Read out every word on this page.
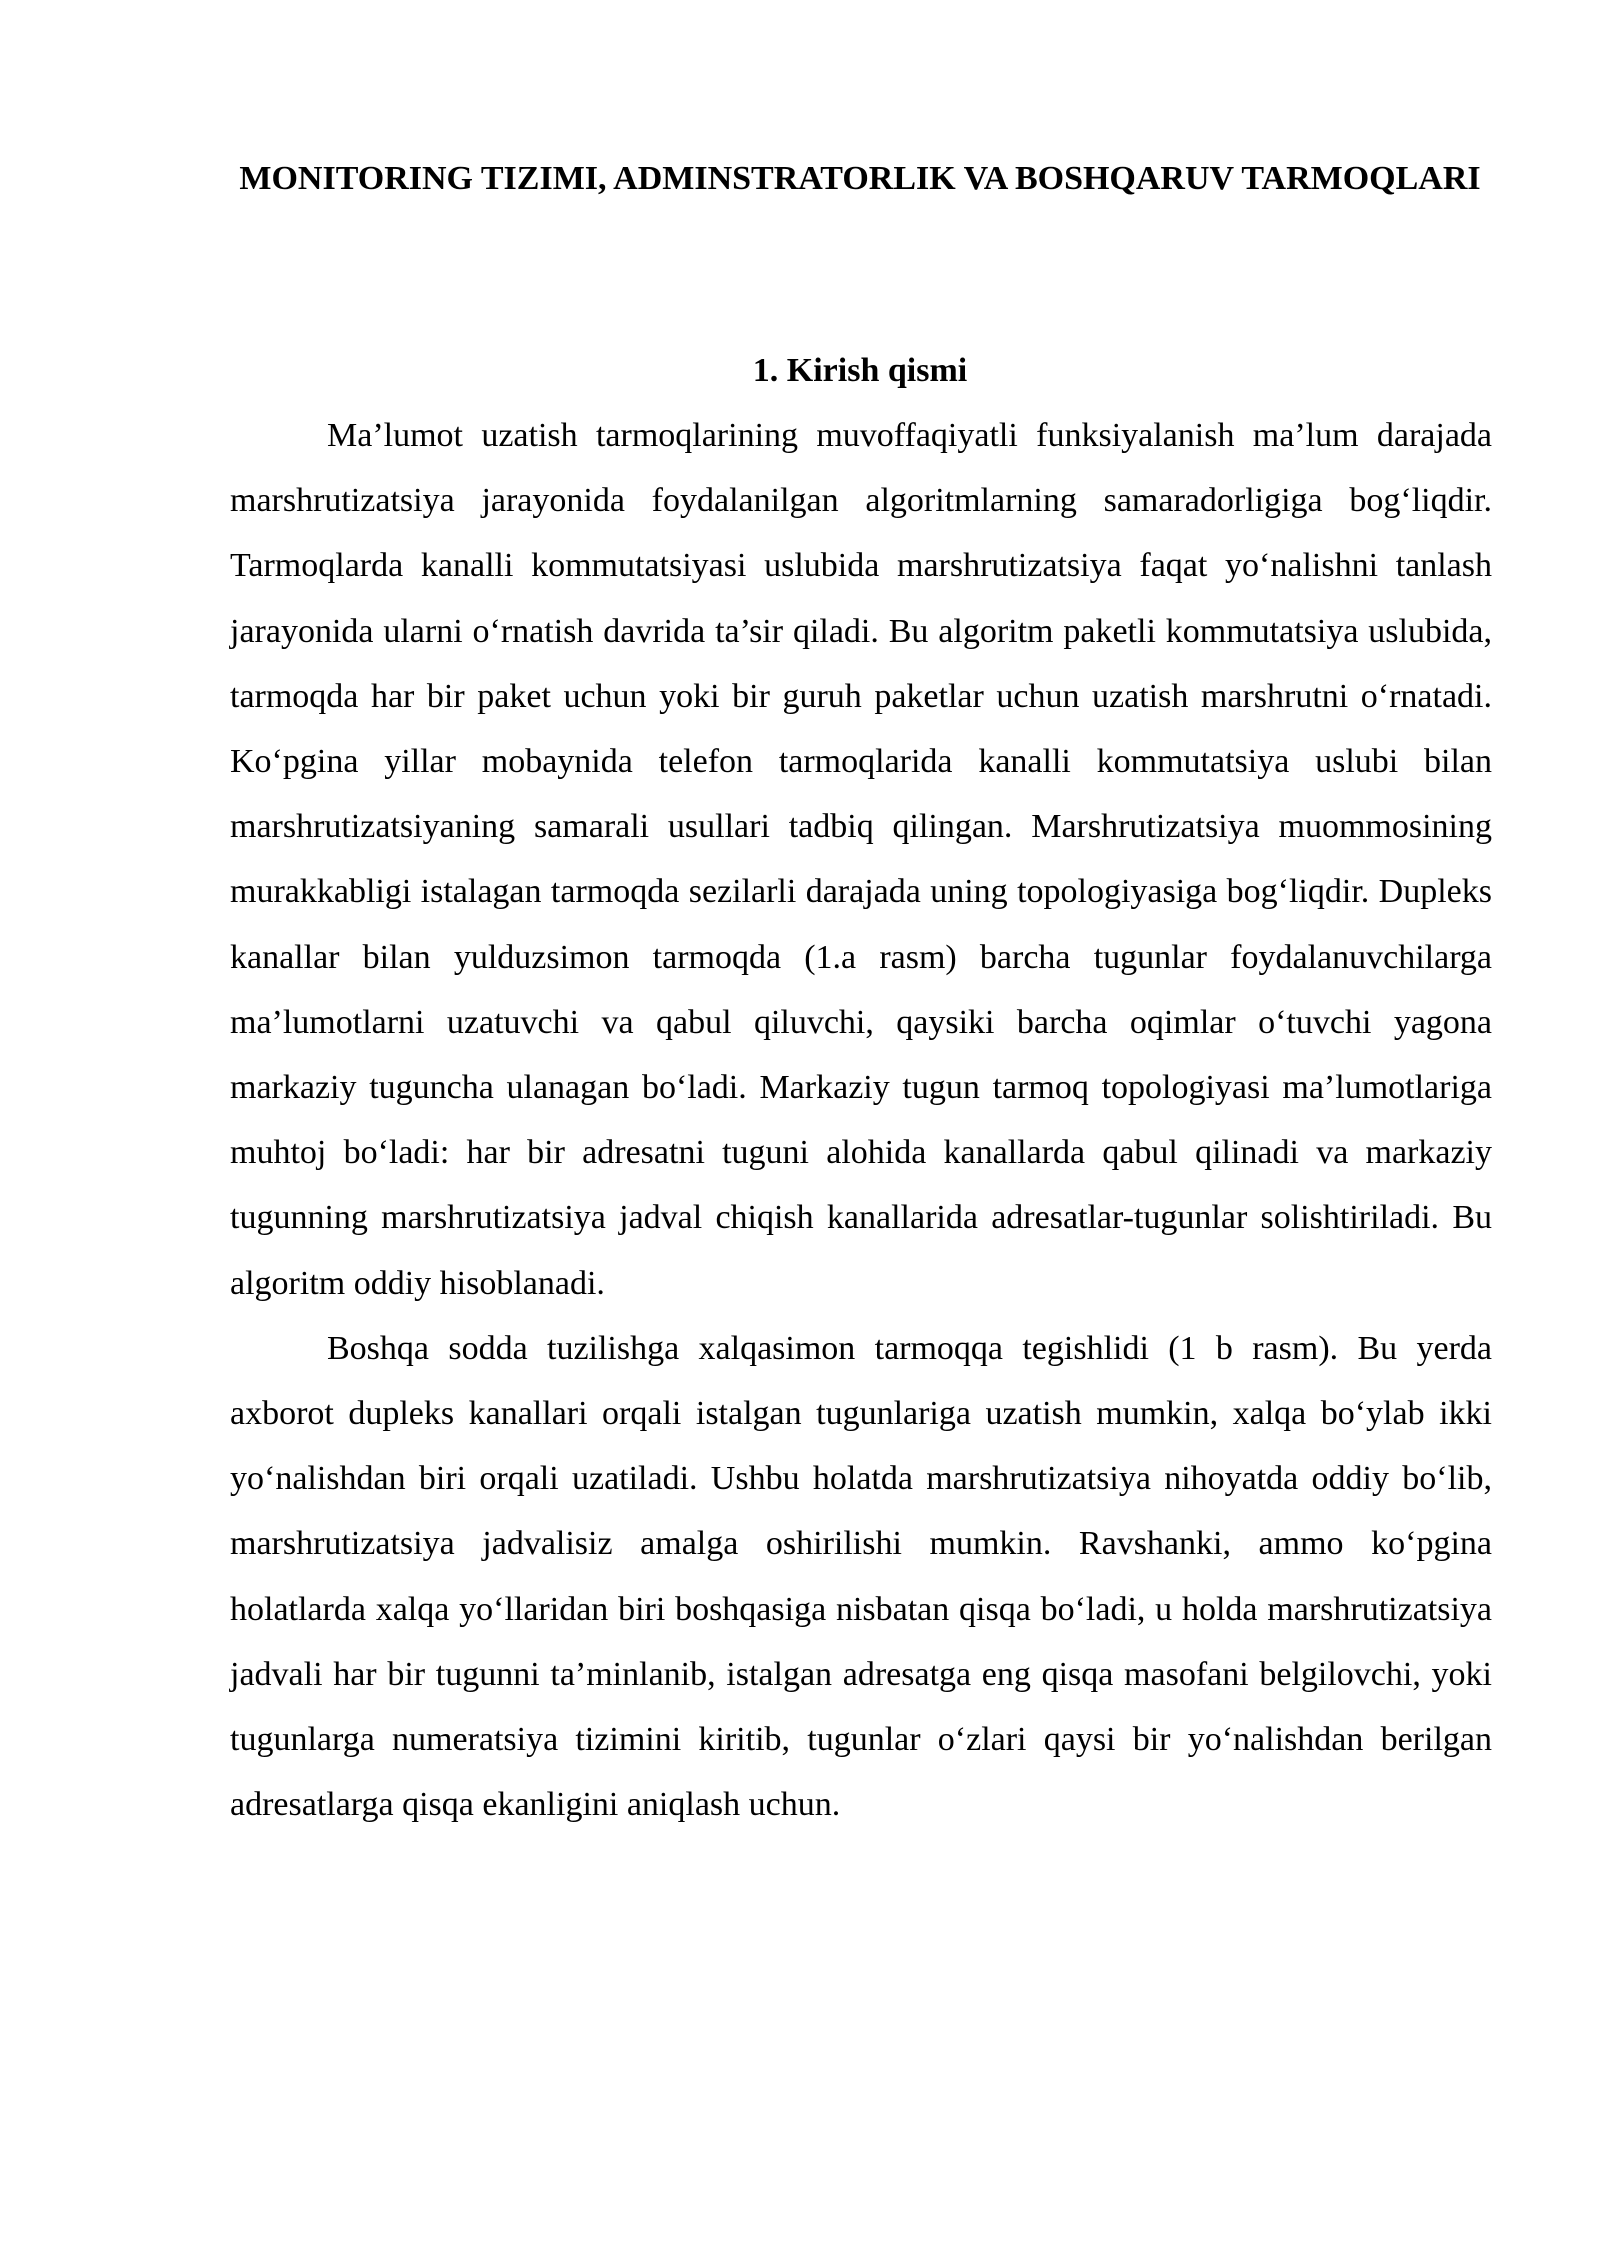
MONITORING TIZIMI, ADMINSTRATORLIK VA BOSHQARUV TARMOQLARI
1. Kirish qismi

Ma’lumot uzatish tarmoqlarining muvoffaqiyatli funksiyalanish ma’lum darajada marshrutizatsiya jarayonida foydalanilgan algoritmlarning samaradorligiga bog‘liqdir. Tarmoqlarda kanalli kommutatsiyasi uslubida marshrutizatsiya faqat yo‘nalishni tanlash jarayonida ularni o‘rnatish davrida ta’sir qiladi. Bu algoritm paketli kommutatsiya uslubida, tarmoqda har bir paket uchun yoki bir guruh paketlar uchun uzatish marshrutni o‘rnatadi. Ko‘pgina yillar mobaynida telefon tarmoqlarida kanalli kommutatsiya uslubi bilan marshrutizatsiyaning samarali usullari tadbiq qilingan. Marshrutizatsiya muommosining murakkabligi istalagan tarmoqda sezilarli darajada uning topologiyasiga bog‘liqdir. Dupleks kanallar bilan yulduzsimon tarmoqda (1.a rasm) barcha tugunlar foydalanuvchilarga ma’lumotlarni uzatuvchi va qabul qiluvchi, qaysiki barcha oqimlar o‘tuvchi yagona markaziy tuguncha ulanagan bo‘ladi. Markaziy tugun tarmoq topologiyasi ma’lumotlariga muhtoj bo‘ladi: har bir adresatni tuguni alohida kanallarda qabul qilinadi va markaziy tugunning marshrutizatsiya jadval chiqish kanallarida adresatlar-tugunlar solishtiriladi. Bu algoritm oddiy hisoblanadi.

Boshqa sodda tuzilishga xalqasimon tarmoqqa tegishlidi (1 b rasm). Bu yerda axborot dupleks kanallari orqali istalgan tugunlariga uzatish mumkin, xalqa bo‘ylab ikki yo‘nalishdan biri orqali uzatiladi. Ushbu holatda marshrutizatsiya nihoyatda oddiy bo‘lib, marshrutizatsiya jadvalisiz amalga oshirilishi mumkin. Ravshanki, ammo ko‘pgina holatlarda xalqa yo‘llaridan biri boshqasiga nisbatan qisqa bo‘ladi, u holda marshrutizatsiya jadvali har bir tugunni ta’minlanib, istalgan adresatga eng qisqa masofani belgilovchi, yoki tugunlarga numeratsiya tizimini kiritib, tugunlar o‘zlari qaysi bir yo‘nalishdan berilgan adresatlarga qisqa ekanligini aniqlash uchun.
